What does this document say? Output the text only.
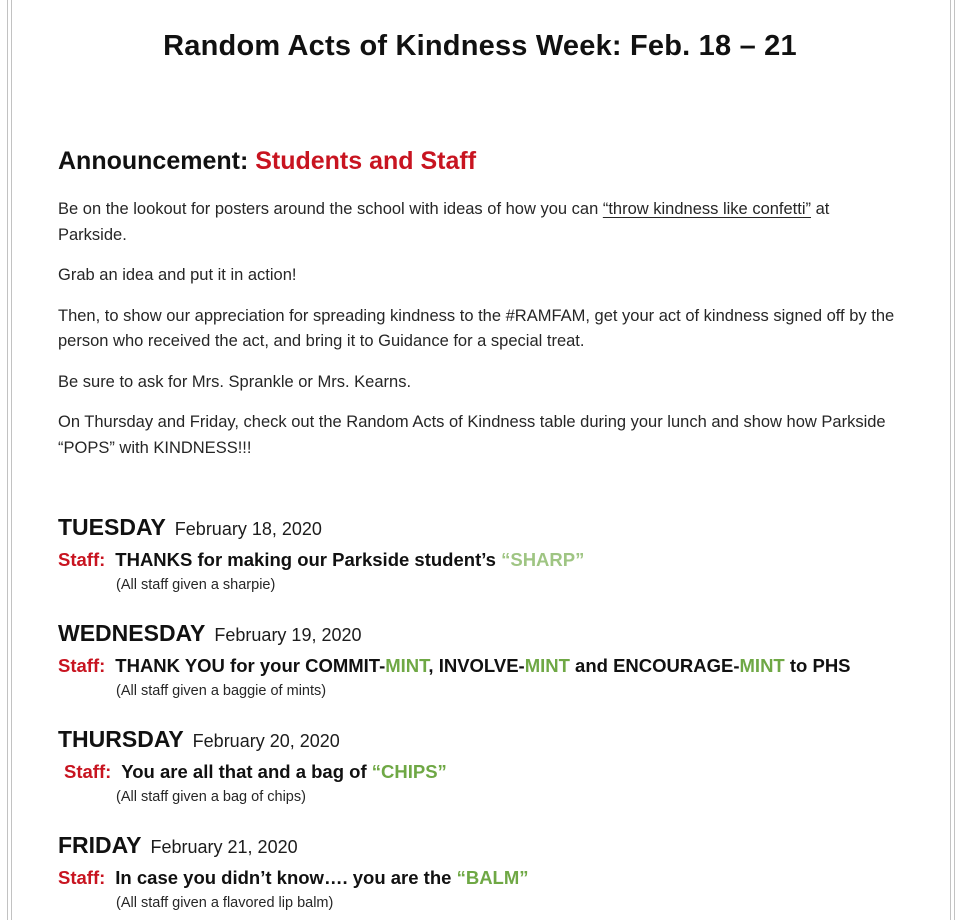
Random Acts of Kindness Week: Feb. 18 – 21
Announcement: Students and Staff

Be on the lookout for posters around the school with ideas of how you can “throw kindness like confetti” at Parkside.

Grab an idea and put it in action!

Then, to show our appreciation for spreading kindness to the #RAMFAM, get your act of kindness signed off by the person who received the act, and bring it to Guidance for a special treat.

Be sure to ask for Mrs. Sprankle or Mrs. Kearns.

On Thursday and Friday, check out the Random Acts of Kindness table during your lunch and show how Parkside “POPS” with KINDNESS!!!

TUESDAY February 18, 2020

Staff: THANKS for making our Parkside student’s “SHARP”

(All staff given a sharpie)

WEDNESDAY February 19, 2020

Staff: THANK YOU for your COMMIT-MINT, INVOLVE-MINT and ENCOURAGE-MINT to PHS

(All staff given a baggie of mints)

THURSDAY February 20, 2020

Staff: You are all that and a bag of “CHIPS”

(All staff given a bag of chips)

FRIDAY February 21, 2020

Staff: In case you didn’t know…. you are the “BALM”

(All staff given a flavored lip balm)
